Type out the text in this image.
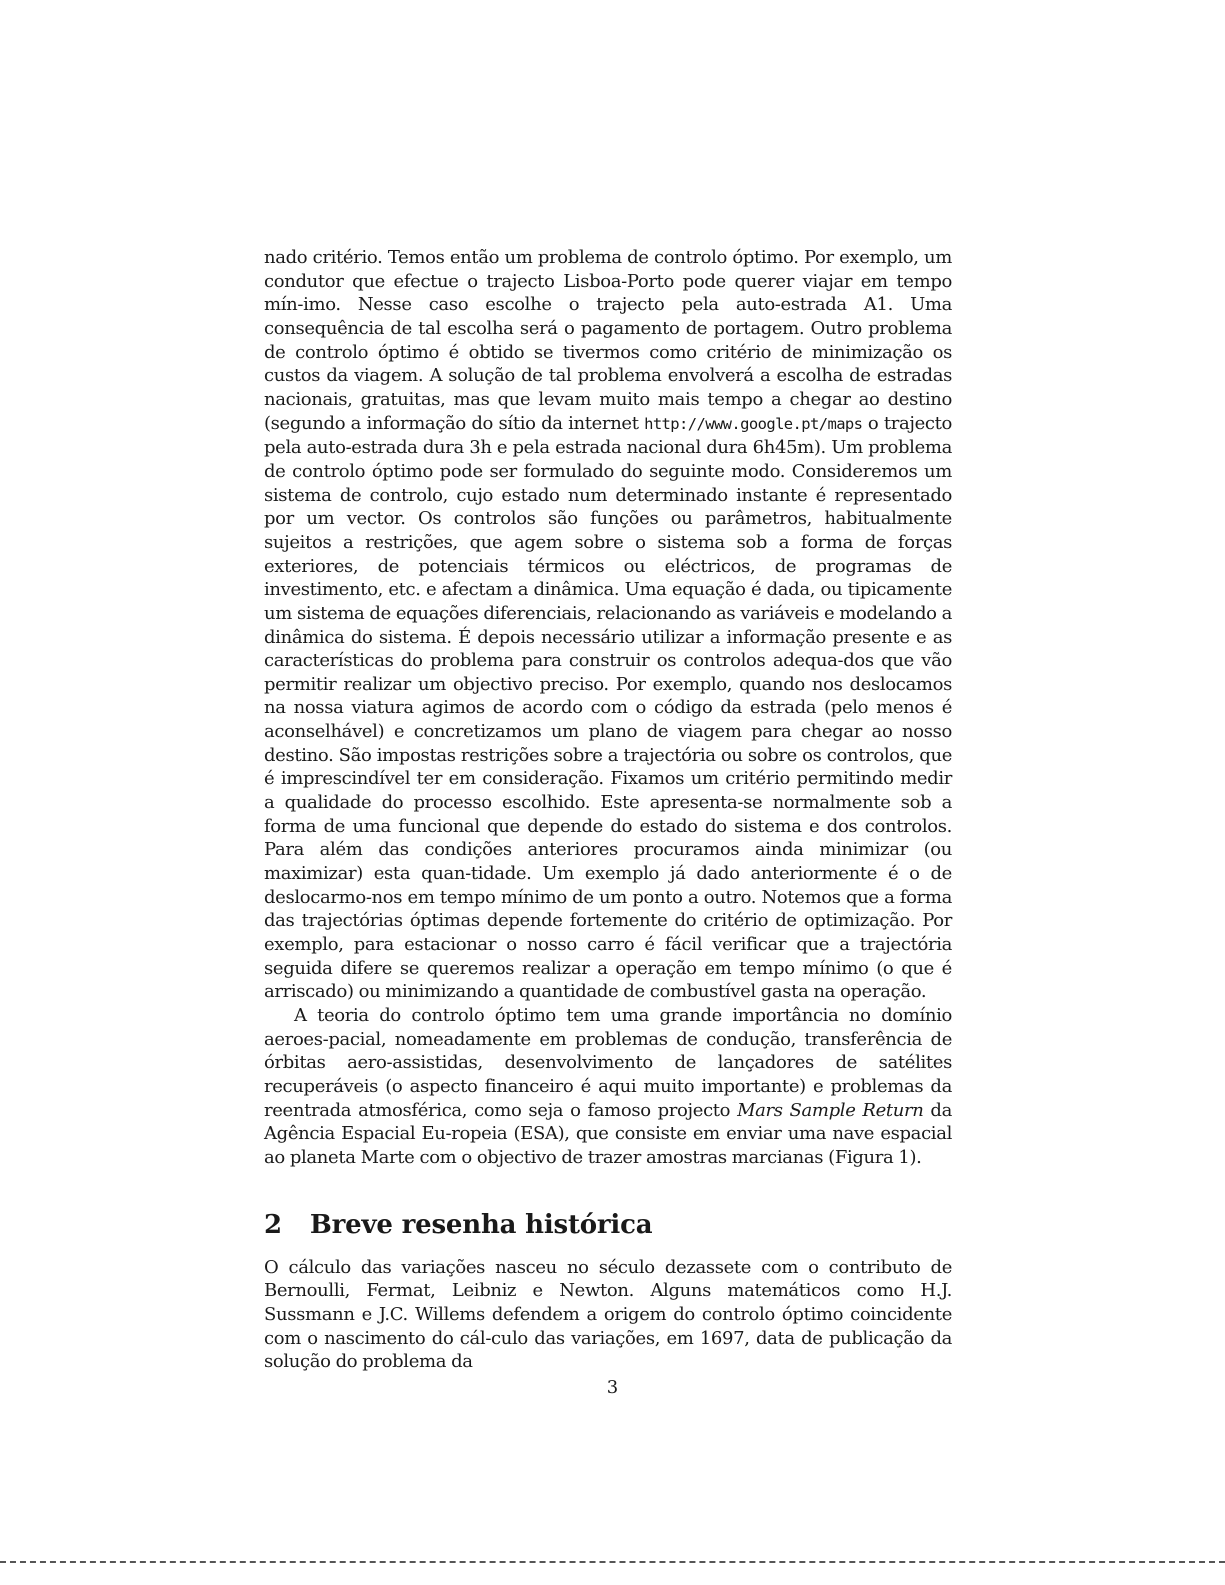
nado critério. Temos então um problema de controlo óptimo. Por exemplo, um condutor que efectue o trajecto Lisboa-Porto pode querer viajar em tempo mín-imo. Nesse caso escolhe o trajecto pela auto-estrada A1. Uma consequência de tal escolha será o pagamento de portagem. Outro problema de controlo óptimo é obtido se tivermos como critério de minimização os custos da viagem. A solução de tal problema envolverá a escolha de estradas nacionais, gratuitas, mas que levam muito mais tempo a chegar ao destino (segundo a informação do sítio da internet http://www.google.pt/maps o trajecto pela auto-estrada dura 3h e pela estrada nacional dura 6h45m). Um problema de controlo óptimo pode ser formulado do seguinte modo. Consideremos um sistema de controlo, cujo estado num determinado instante é representado por um vector. Os controlos são funções ou parâmetros, habitualmente sujeitos a restrições, que agem sobre o sistema sob a forma de forças exteriores, de potenciais térmicos ou eléctricos, de programas de investimento, etc. e afectam a dinâmica. Uma equação é dada, ou tipicamente um sistema de equações diferenciais, relacionando as variáveis e modelando a dinâmica do sistema. É depois necessário utilizar a informação presente e as características do problema para construir os controlos adequa-dos que vão permitir realizar um objectivo preciso. Por exemplo, quando nos deslocamos na nossa viatura agimos de acordo com o código da estrada (pelo menos é aconselhável) e concretizamos um plano de viagem para chegar ao nosso destino. São impostas restrições sobre a trajectória ou sobre os controlos, que é imprescindível ter em consideração. Fixamos um critério permitindo medir a qualidade do processo escolhido. Este apresenta-se normalmente sob a forma de uma funcional que depende do estado do sistema e dos controlos. Para além das condições anteriores procuramos ainda minimizar (ou maximizar) esta quan-tidade. Um exemplo já dado anteriormente é o de deslocarmo-nos em tempo mínimo de um ponto a outro. Notemos que a forma das trajectórias óptimas depende fortemente do critério de optimização. Por exemplo, para estacionar o nosso carro é fácil verificar que a trajectória seguida difere se queremos realizar a operação em tempo mínimo (o que é arriscado) ou minimizando a quantidade de combustível gasta na operação.

A teoria do controlo óptimo tem uma grande importância no domínio aeroes-pacial, nomeadamente em problemas de condução, transferência de órbitas aero-assistidas, desenvolvimento de lançadores de satélites recuperáveis (o aspecto financeiro é aqui muito importante) e problemas da reentrada atmosférica, como seja o famoso projecto Mars Sample Return da Agência Espacial Eu-ropeia (ESA), que consiste em enviar uma nave espacial ao planeta Marte com o objectivo de trazer amostras marcianas (Figura 1).

2 Breve resenha histórica

O cálculo das variações nasceu no século dezassete com o contributo de Bernoulli, Fermat, Leibniz e Newton. Alguns matemáticos como H.J. Sussmann e J.C. Willems defendem a origem do controlo óptimo coincidente com o nascimento do cál-culo das variações, em 1697, data de publicação da solução do problema da

3
